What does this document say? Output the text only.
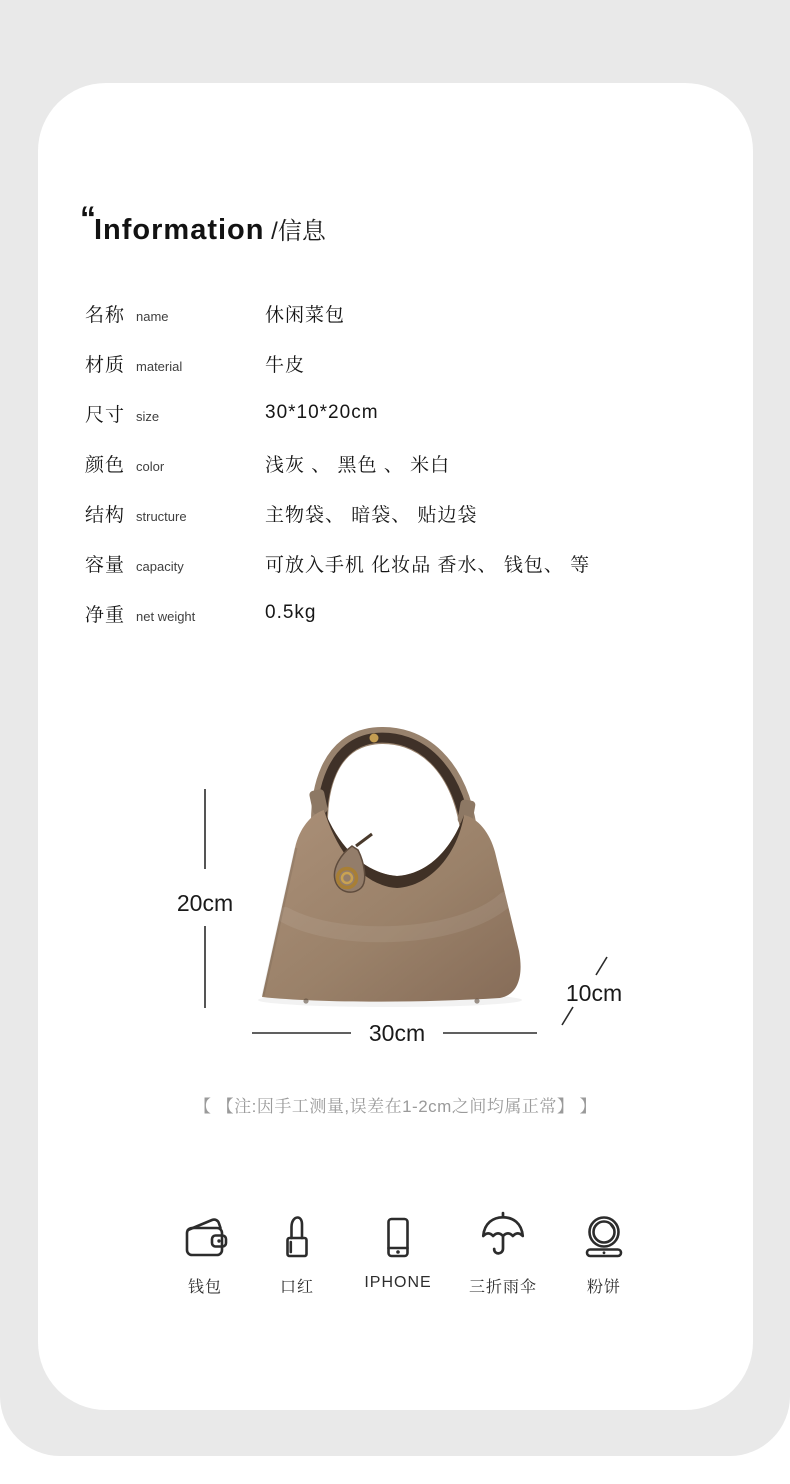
“Information /信息
名称 name	休闲菜包
材质 material	牛皮
尺寸 size	30*10*20cm
颜色 color	浅灰 、 黑色 、 米白
结构 structure	主物袋、 暗袋、 贴边袋
容量 capacity	可放入手机 化妆品 香水、 钱包、 等
净重 net weight	0.5kg
20cm
30cm
10cm
【 【注:因手工测量,误差在1-2cm之间均属正常】 】
钱包	口红	IPHONE	三折雨伞	粉饼
